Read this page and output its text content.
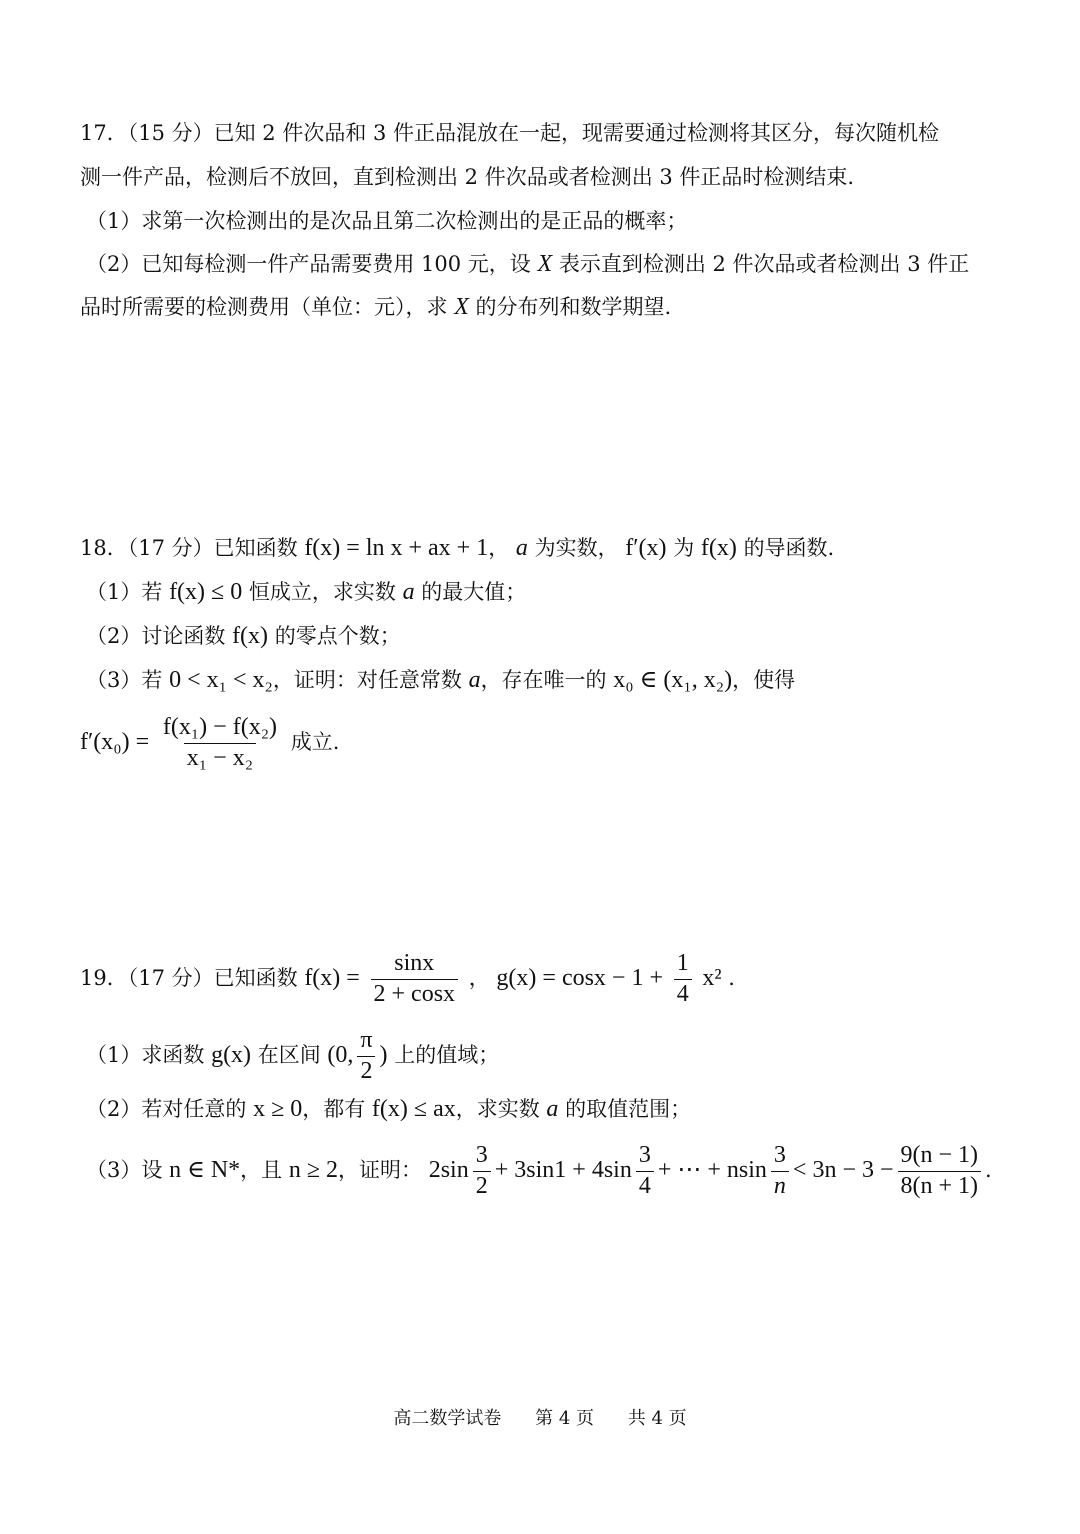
17．（15 分）已知 2 件次品和 3 件正品混放在一起，现需要通过检测将其区分，每次随机检
测一件产品，检测后不放回，直到检测出 2 件次品或者检测出 3 件正品时检测结束.
（1）求第一次检测出的是次品且第二次检测出的是正品的概率；
（2）已知每检测一件产品需要费用 100 元，设 X 表示直到检测出 2 件次品或者检测出 3 件正
品时所需要的检测费用（单位：元），求 X 的分布列和数学期望.
18．（17 分）已知函数 f(x) = ln x + ax + 1， a 为实数， f′(x) 为 f(x) 的导函数.
（1）若 f(x) ≤ 0 恒成立，求实数 a 的最大值；
（2）讨论函数 f(x) 的零点个数；
（3）若 0 < x₁ < x₂，证明：对任意常数 a，存在唯一的 x₀ ∈ (x₁, x₂)，使得
$f'(x_0) = \frac{\text{f(x₁) − f(x₂)}}{\text{x₁ − x₂}}$ 成立.
19．（17 分）已知函数 $f(x) = \frac{\sin x}{2 + \cos x}$ ， $g(x) = \cos x - 1 + \frac{1}{4} x^2$ .
（1）求函数 g(x) 在区间 (0, $\frac{\pi}{2}$ ) 上的值域；
（2）若对任意的 x ≥ 0，都有 f(x) ≤ ax，求实数 a 的取值范围；
（3）设 n ∈ N*，且 n ≥ 2，证明： $2\sin \frac{3}{2} + 3\sin 1 + 4\sin \frac{3}{4}$ + ⋯ + nsin $\frac{3}{n} < 3n - 3 - \frac{9(n - 1)}{8(n + 1)}$ .
高二数学试卷 第 4 页 共 4 页
